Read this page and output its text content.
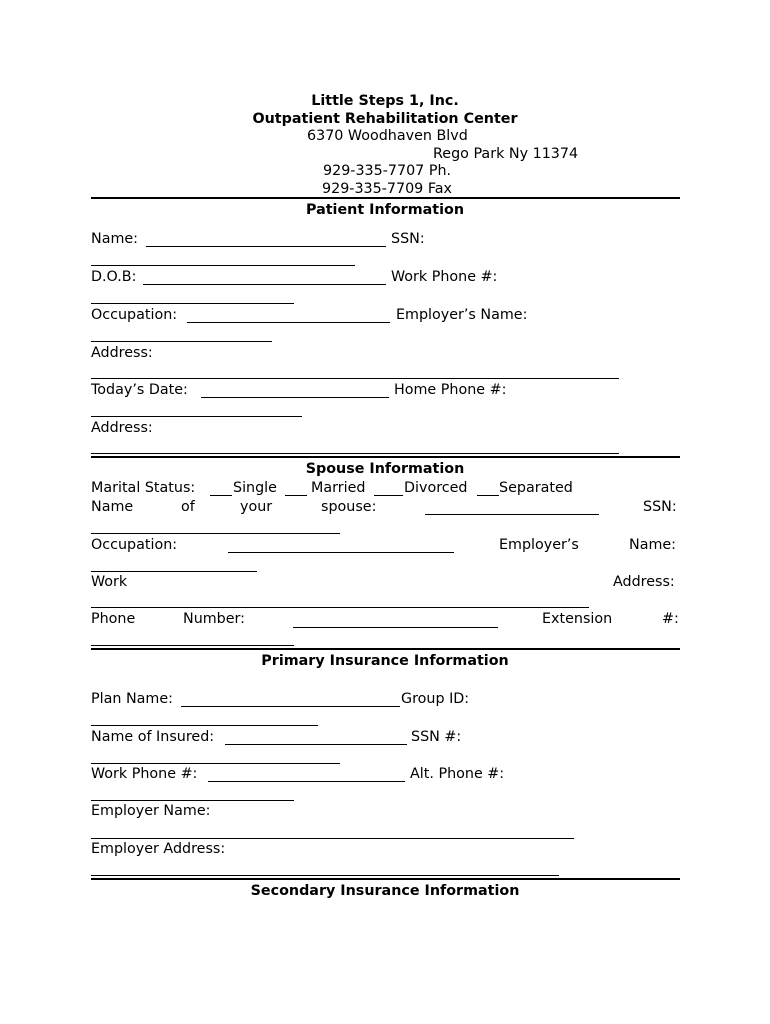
Little Steps 1, Inc.
Outpatient Rehabilitation Center
6370 Woodhaven Blvd
Rego Park Ny 11374
929-335-7707 Ph.
929-335-7709 Fax
Patient Information
Name:	SSN:
D.O.B:	Work Phone #:
Occupation:	Employer’s Name:
Address:
Today’s Date:	Home Phone #:
Address:
Spouse Information
Marital Status:	Single Married	Divorced Separated
Name	of	your	spouse:	SSN:
Occupation:	Employer’s	Name:
Work	Address:
Phone	Number:	Extension	#:
Primary Insurance Information
Plan Name:	Group ID:
Name of Insured:	SSN #:
Work Phone #:	Alt. Phone #:
Employer Name:
Employer Address:
Secondary Insurance Information
